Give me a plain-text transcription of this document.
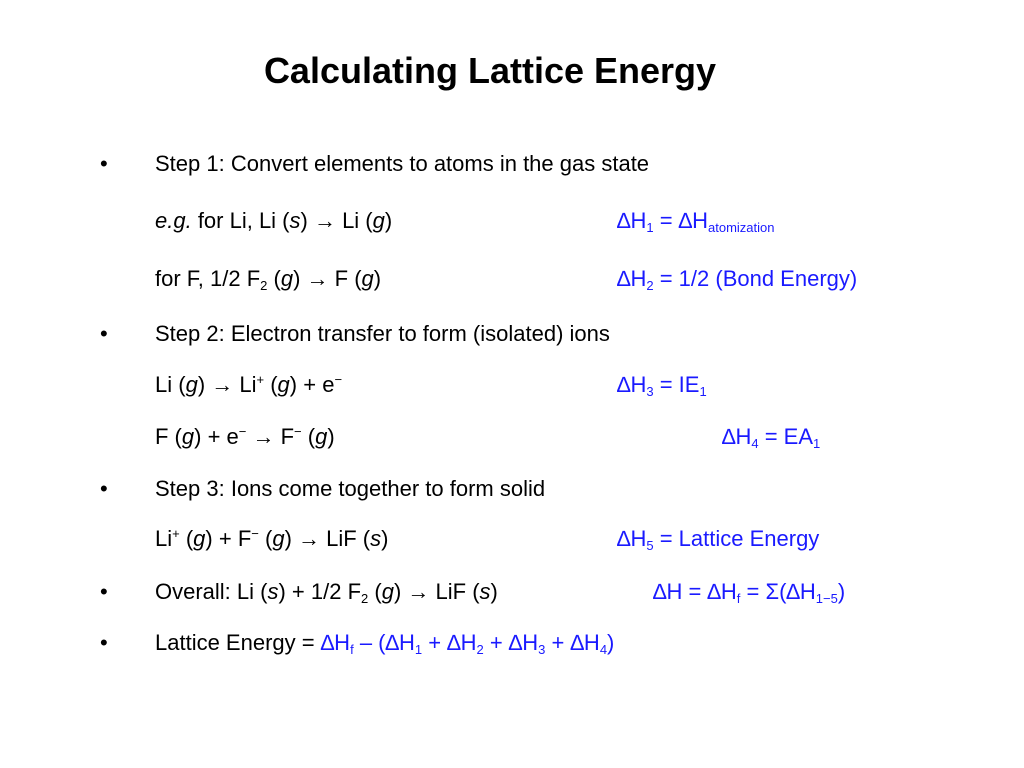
Calculating Lattice Energy
• Step 1: Convert elements to atoms in the gas state
e.g. for Li, Li (s) → Li (g)	$\Delta H_1 = \Delta H_{atomization}$
for F, 1/2 $F_2$ (g) → F (g)	$\Delta H_2 = 1/2$ (Bond Energy)
• Step 2: Electron transfer to form (isolated) ions
Li (g) → Li+ (g) + e−	$\Delta H_3 = IE_1$
F (g) + e− → F− (g)	$\Delta H_4 = EA_1$
• Step 3: Ions come together to form solid
Li+ (g) + F− (g) → LiF (s)	$\Delta H_5$ = Lattice Energy
• Overall: Li (s) + 1/2 $F_2$ (g) → LiF (s)	$\Delta H = \Delta H_f = \Sigma(\Delta H_{1-5})$
• Lattice Energy = $\Delta H_f - (\Delta H_1 + \Delta H_2 + \Delta H_3 + \Delta H_4)$
